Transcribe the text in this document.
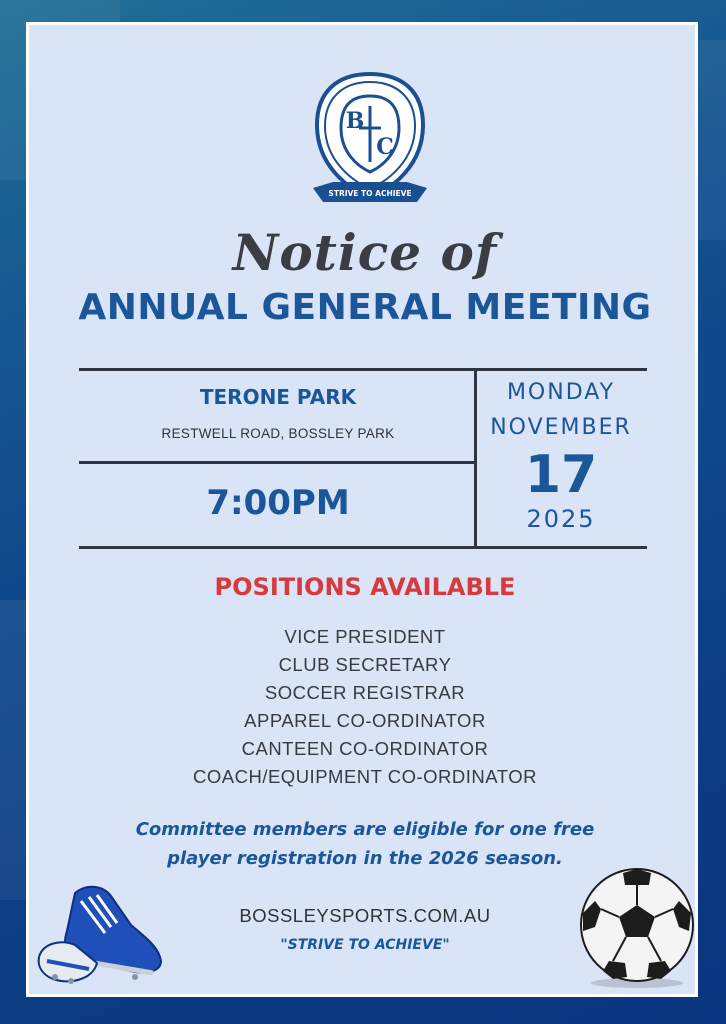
B
C
STRIVE TO ACHIEVE
Notice of
ANNUAL GENERAL MEETING
TERONE PARK
RESTWELL ROAD, BOSSLEY PARK
7:00PM
MONDAY
NOVEMBER
17
2025
POSITIONS AVAILABLE
VICE PRESIDENT
CLUB SECRETARY
SOCCER REGISTRAR
APPAREL CO-ORDINATOR
CANTEEN CO-ORDINATOR
COACH/EQUIPMENT CO-ORDINATOR
Committee members are eligible for one free
player registration in the 2026 season.
BOSSLEYSPORTS.COM.AU
"STRIVE TO ACHIEVE"
